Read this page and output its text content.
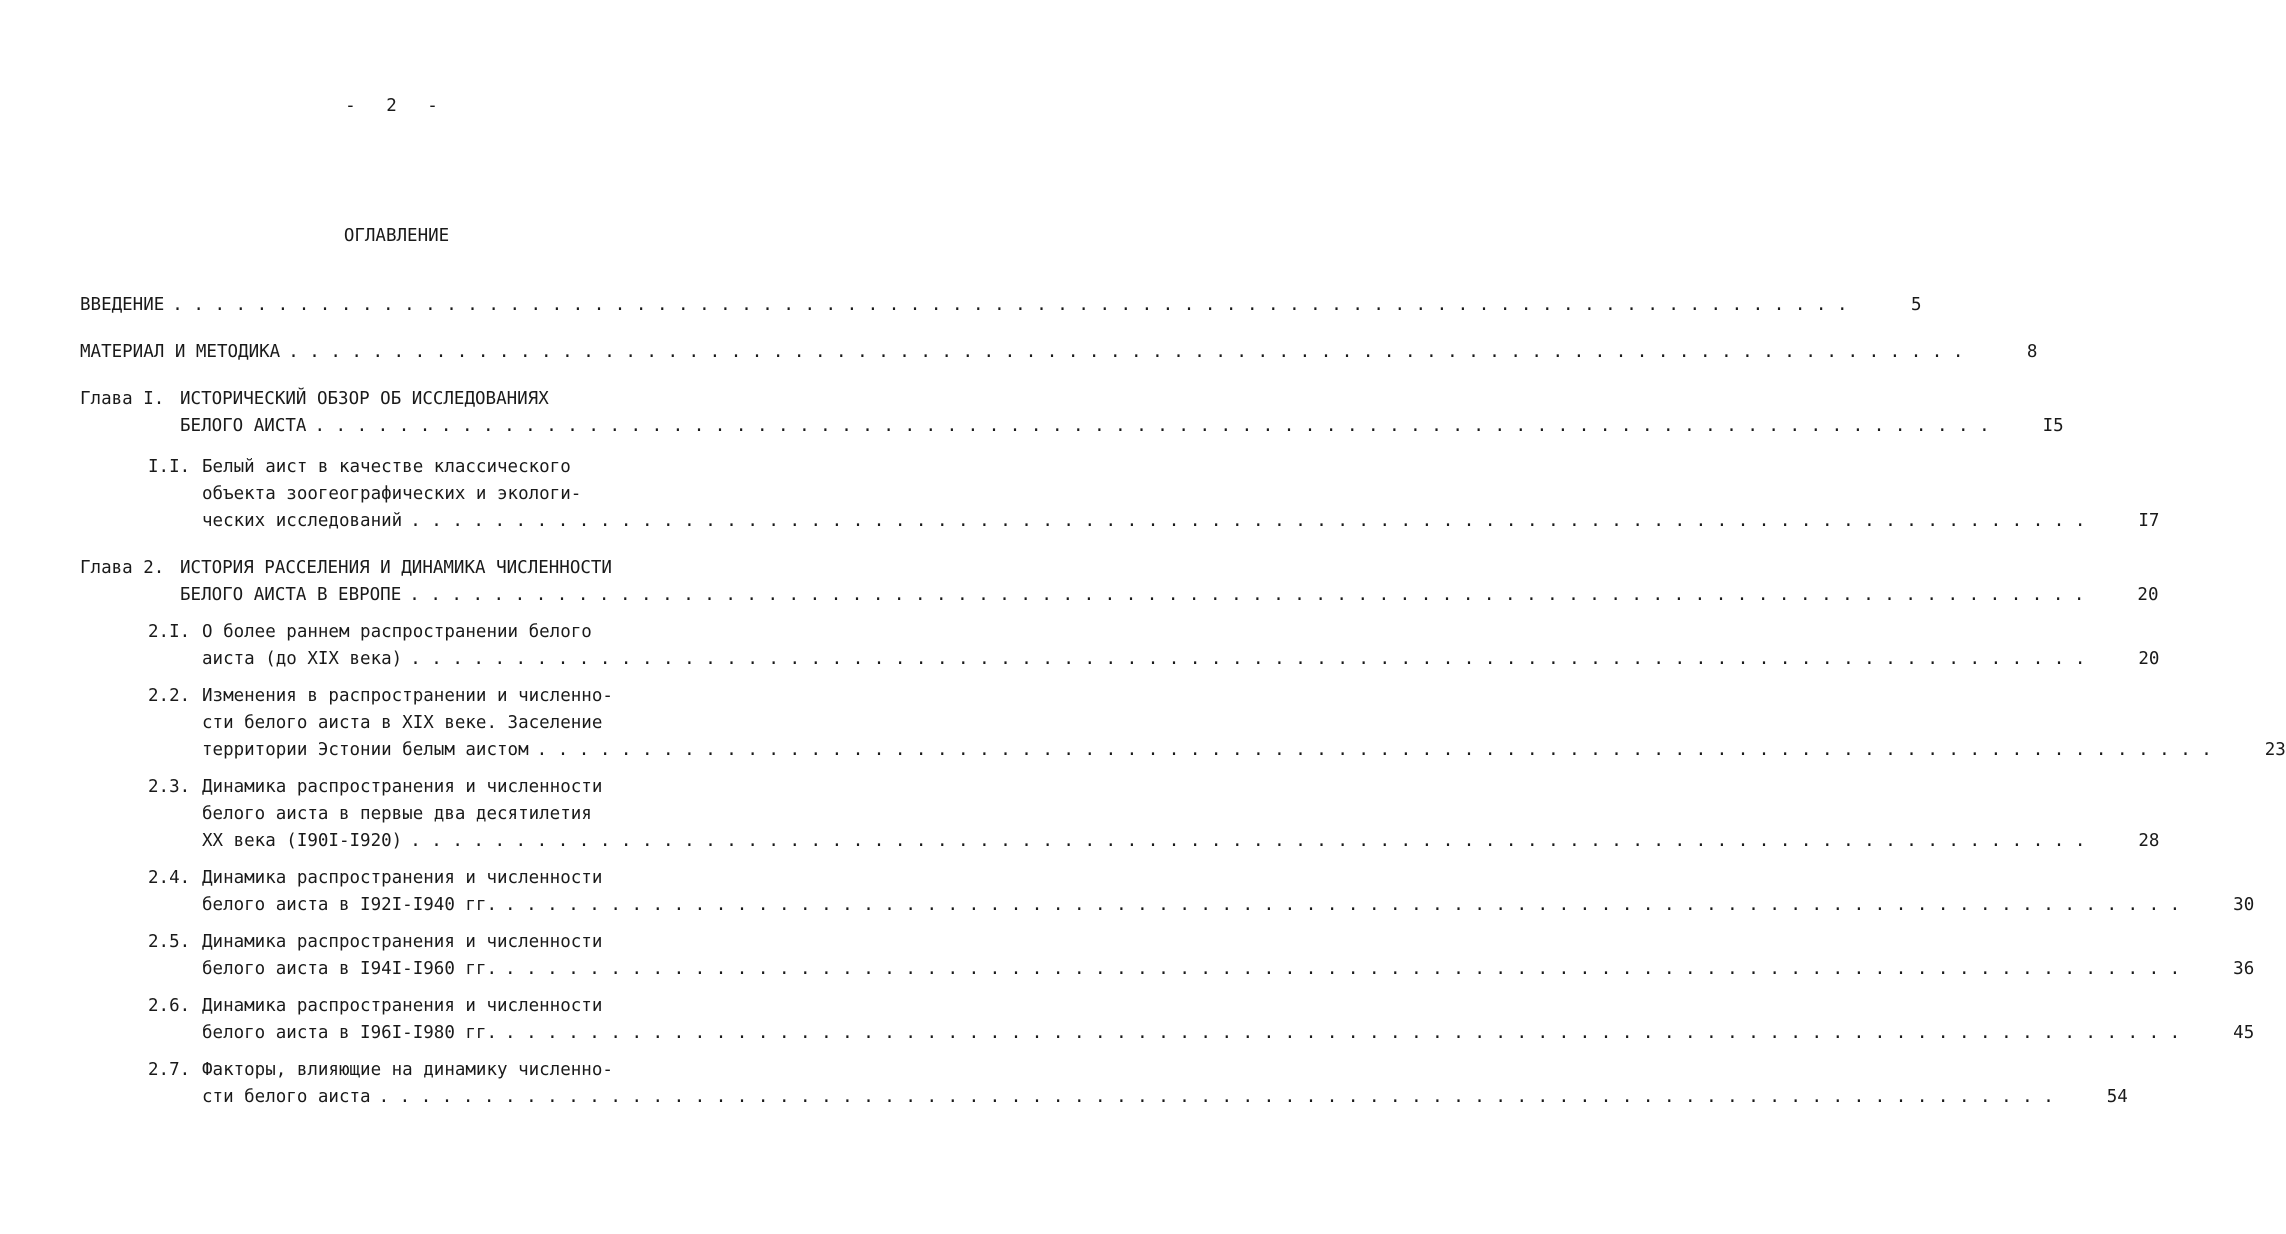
- 2 -
ОГЛАВЛЕНИЕ
ВВЕДЕНИЕ . . . . . . . . . . . . . . . . . . . . . . . . . . . . . . . . . . . . . . . . . . . . . . . . . . . . . . . . . . . . . . . . . . . . . . . . . . . . . . . .	5
МАТЕРИАЛ И МЕТОДИКА . . . . . . . . . . . . . . . . . . . . . . . . . . . . . . . . . . . . . . . . . . . . . . . . . . . . . . . . . . . . . . . . . . . . . . . . . . . . . . . .	8
Глава I. ИСТОРИЧЕСКИЙ ОБЗОР ОБ ИССЛЕДОВАНИЯХ
БЕЛОГО АИСТА . . . . . . . . . . . . . . . . . . . . . . . . . . . . . . . . . . . . . . . . . . . . . . . . . . . . . . . . . . . . . . . . . . . . . . . . . . . . . . . .	I5
I.I. Белый аист в качестве классического
объекта зоогеографических и экологи-
ческих исследований . . . . . . . . . . . . . . . . . . . . . . . . . . . . . . . . . . . . . . . . . . . . . . . . . . . . . . . . . . . . . . . . . . . . . . . . . . . . . . . .	I7
Глава 2. ИСТОРИЯ РАССЕЛЕНИЯ И ДИНАМИКА ЧИСЛЕННОСТИ
БЕЛОГО АИСТА В ЕВРОПЕ . . . . . . . . . . . . . . . . . . . . . . . . . . . . . . . . . . . . . . . . . . . . . . . . . . . . . . . . . . . . . . . . . . . . . . . . . . . . . . . .	20
2.I. О более раннем распространении белого
аиста (до XIX века) . . . . . . . . . . . . . . . . . . . . . . . . . . . . . . . . . . . . . . . . . . . . . . . . . . . . . . . . . . . . . . . . . . . . . . . . . . . . . . . .	20
2.2. Изменения в распространении и численно-
сти белого аиста в XIX веке. Заселение
территории Эстонии белым аистом . . . . . . . . . . . . . . . . . . . . . . . . . . . . . . . . . . . . . . . . . . . . . . . . . . . . . . . . . . . . . . . . . . . . . . . . . . . . . . . .	23
2.3. Динамика распространения и численности
белого аиста в первые два десятилетия
XX века (I90I-I920) . . . . . . . . . . . . . . . . . . . . . . . . . . . . . . . . . . . . . . . . . . . . . . . . . . . . . . . . . . . . . . . . . . . . . . . . . . . . . . . .	28
2.4. Динамика распространения и численности
белого аиста в I92I-I940 гг. . . . . . . . . . . . . . . . . . . . . . . . . . . . . . . . . . . . . . . . . . . . . . . . . . . . . . . . . . . . . . . . . . . . . . . . . . . . . . . . .	30
2.5. Динамика распространения и численности
белого аиста в I94I-I960 гг. . . . . . . . . . . . . . . . . . . . . . . . . . . . . . . . . . . . . . . . . . . . . . . . . . . . . . . . . . . . . . . . . . . . . . . . . . . . . . . . .	36
2.6. Динамика распространения и численности
белого аиста в I96I-I980 гг. . . . . . . . . . . . . . . . . . . . . . . . . . . . . . . . . . . . . . . . . . . . . . . . . . . . . . . . . . . . . . . . . . . . . . . . . . . . . . . . .	45
2.7. Факторы, влияющие на динамику численно-
сти белого аиста . . . . . . . . . . . . . . . . . . . . . . . . . . . . . . . . . . . . . . . . . . . . . . . . . . . . . . . . . . . . . . . . . . . . . . . . . . . . . . . .	54
